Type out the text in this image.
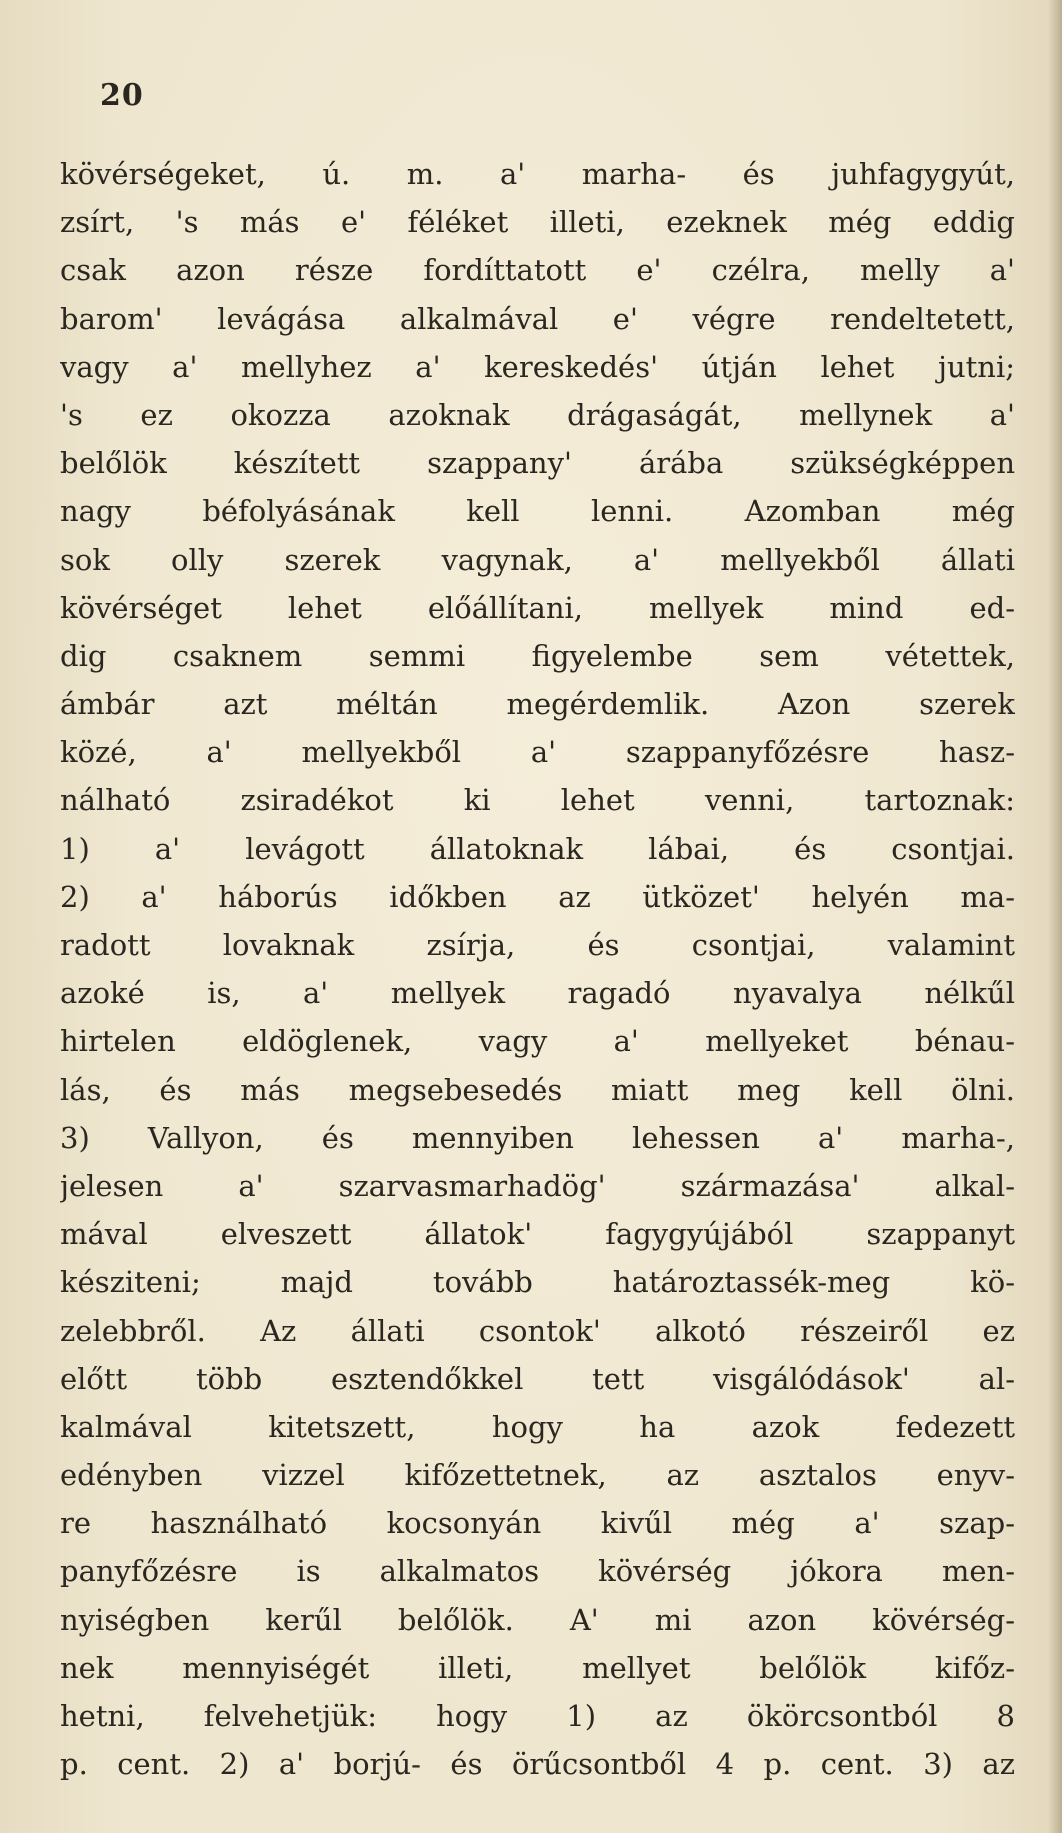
20
kövérségeket, ú. m. a' marha- és juhfagygyút,
zsírt, 's más e' féléket illeti, ezeknek még eddig
csak azon része fordíttatott e' czélra, melly a'
barom' levágása alkalmával e' végre rendeltetett,
vagy a' mellyhez a' kereskedés' útján lehet jutni;
's ez okozza azoknak drágaságát, mellynek a'
belőlök készített szappany' árába szükségképpen
nagy béfolyásának kell lenni. Azomban még
sok olly szerek vagynak, a' mellyekből állati
kövérséget lehet előállítani, mellyek mind ed-
dig csaknem semmi figyelembe sem vétettek,
ámbár azt méltán megérdemlik. Azon szerek
közé, a' mellyekből a' szappanyfőzésre hasz-
nálható zsiradékot ki lehet venni, tartoznak:
1) a' levágott állatoknak lábai, és csontjai.
2) a' háborús időkben az ütközet' helyén ma-
radott lovaknak zsírja, és csontjai, valamint
azoké is, a' mellyek ragadó nyavalya nélkűl
hirtelen eldöglenek, vagy a' mellyeket bénau-
lás, és más megsebesedés miatt meg kell ölni.
3) Vallyon, és mennyiben lehessen a' marha-,
jelesen a' szarvasmarhadög' származása' alkal-
mával elveszett állatok' fagygyújából szappanyt
késziteni; majd tovább határoztassék-meg kö-
zelebbről. Az állati csontok' alkotó részeiről ez
előtt több esztendőkkel tett visgálódások' al-
kalmával kitetszett, hogy ha azok fedezett
edényben vizzel kifőzettetnek, az asztalos enyv-
re használható kocsonyán kivűl még a' szap-
panyfőzésre is alkalmatos kövérség jókora men-
nyiségben kerűl belőlök. A' mi azon kövérség-
nek mennyiségét illeti, mellyet belőlök kifőz-
hetni, felvehetjük: hogy 1) az ökörcsontból 8
p. cent. 2) a' borjú- és örűcsontből 4 p. cent. 3) az
